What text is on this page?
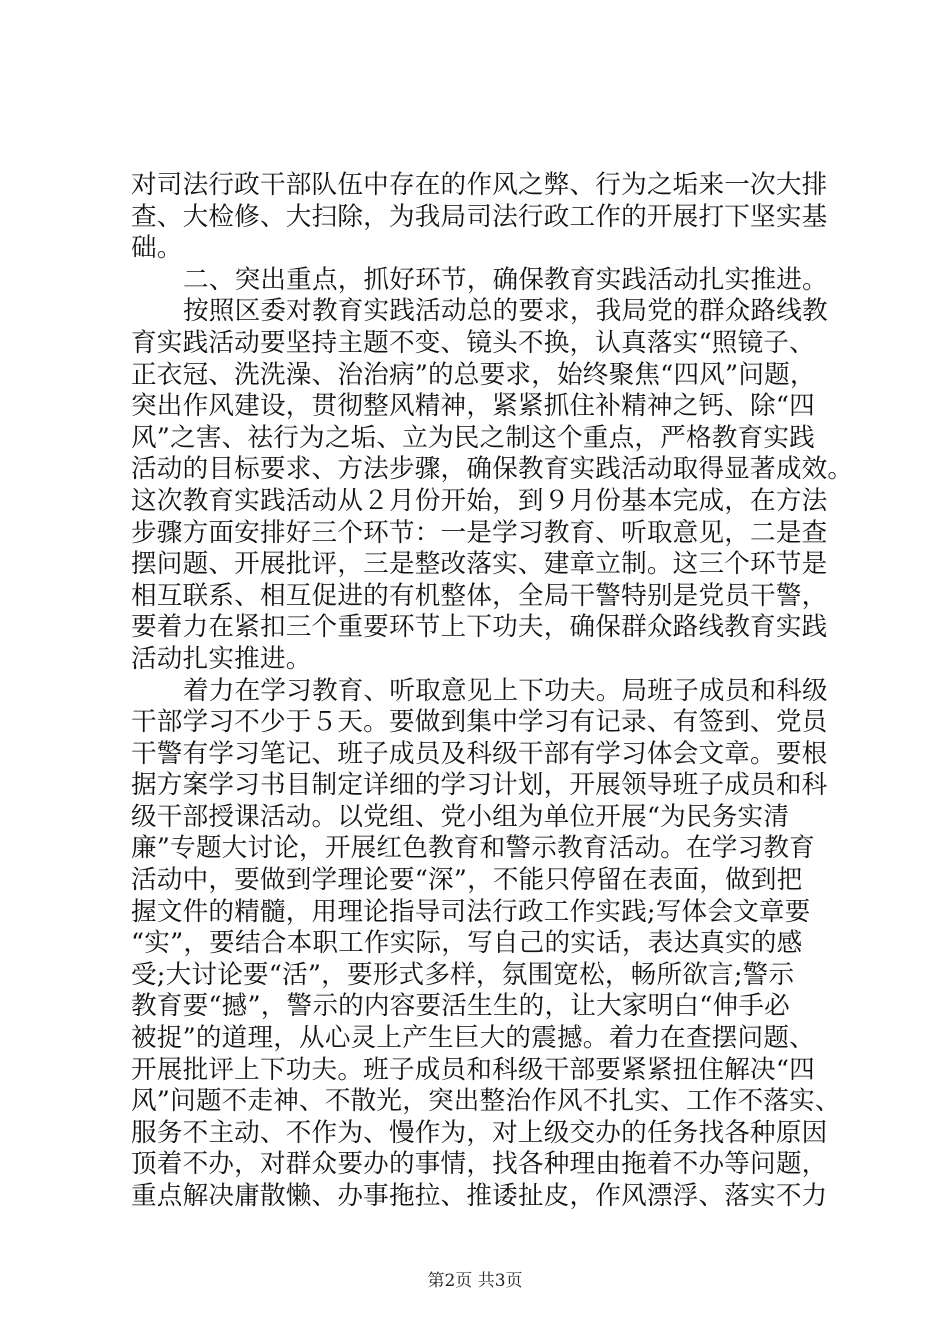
对司法行政干部队伍中存在的作风之弊、行为之垢来一次大排
查、大检修、大扫除，为我局司法行政工作的开展打下坚实基
础。
二、突出重点，抓好环节，确保教育实践活动扎实推进。
按照区委对教育实践活动总的要求，我局党的群众路线教
育实践活动要坚持主题不变、镜头不换，认真落实“照镜子、
正衣冠、洗洗澡、治治病”的总要求，始终聚焦“四风”问题，
突出作风建设，贯彻整风精神，紧紧抓住补精神之钙、除“四
风”之害、祛行为之垢、立为民之制这个重点，严格教育实践
活动的目标要求、方法步骤，确保教育实践活动取得显著成效。
这次教育实践活动从２月份开始，到９月份基本完成，在方法
步骤方面安排好三个环节：一是学习教育、听取意见，二是查
摆问题、开展批评，三是整改落实、建章立制。这三个环节是
相互联系、相互促进的有机整体，全局干警特别是党员干警，
要着力在紧扣三个重要环节上下功夫，确保群众路线教育实践
活动扎实推进。
着力在学习教育、听取意见上下功夫。局班子成员和科级
干部学习不少于５天。要做到集中学习有记录、有签到、党员
干警有学习笔记、班子成员及科级干部有学习体会文章。要根
据方案学习书目制定详细的学习计划，开展领导班子成员和科
级干部授课活动。以党组、党小组为单位开展“为民务实清
廉”专题大讨论，开展红色教育和警示教育活动。在学习教育
活动中，要做到学理论要“深”，不能只停留在表面，做到把
握文件的精髓，用理论指导司法行政工作实践;写体会文章要
“实”，要结合本职工作实际，写自己的实话，表达真实的感
受;大讨论要“活”，要形式多样，氛围宽松，畅所欲言;警示
教育要“撼”，警示的内容要活生生的，让大家明白“伸手必
被捉”的道理，从心灵上产生巨大的震撼。着力在查摆问题、
开展批评上下功夫。班子成员和科级干部要紧紧扭住解决“四
风”问题不走神、不散光，突出整治作风不扎实、工作不落实、
服务不主动、不作为、慢作为，对上级交办的任务找各种原因
顶着不办，对群众要办的事情，找各种理由拖着不办等问题，
重点解决庸散懒、办事拖拉、推诿扯皮，作风漂浮、落实不力
第2页 共3页
